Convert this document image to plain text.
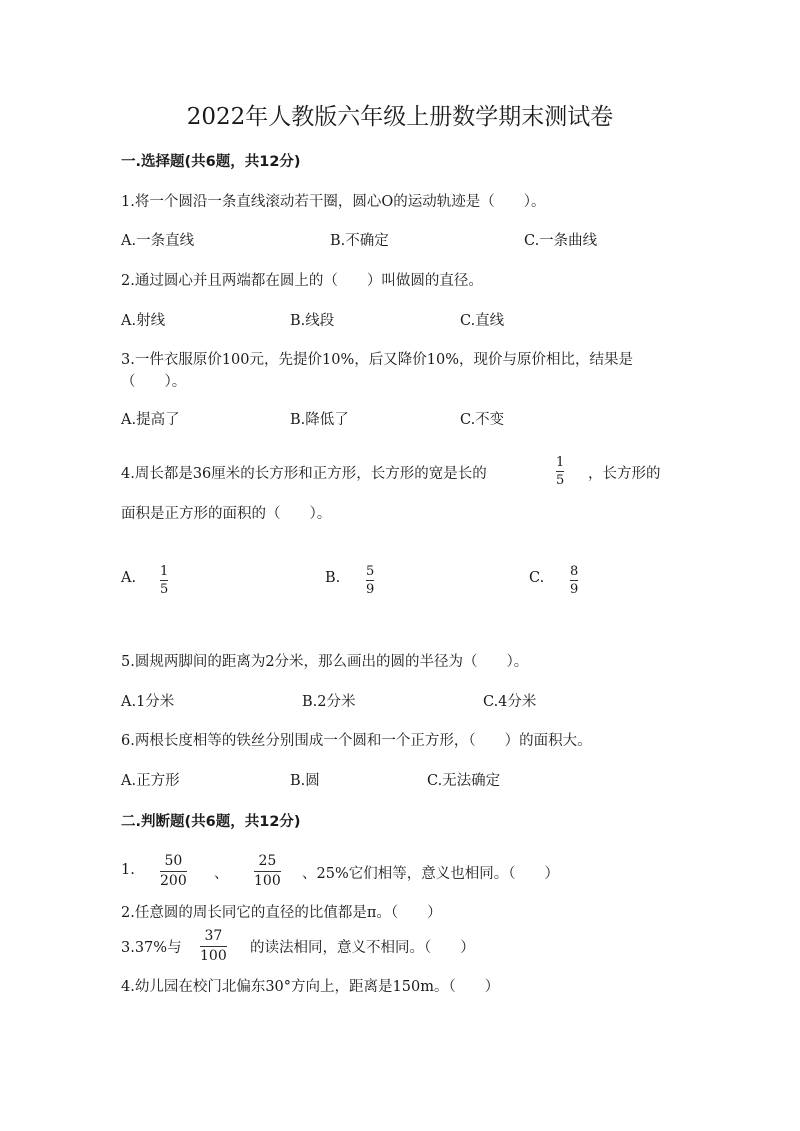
2022年人教版六年级上册数学期末测试卷
一.选择题(共6题，共12分)
1.将一个圆沿一条直线滚动若干圈，圆心O的运动轨迹是（　　）。
A.一条直线	B.不确定	C.一条曲线
2.通过圆心并且两端都在圆上的（　　）叫做圆的直径。
A.射线	B.线段	C.直线
3.一件衣服原价100元，先提价10%，后又降价10%，现价与原价相比，结果是
（　　）。
A.提高了	B.降低了	C.不变
4.周长都是36厘米的长方形和正方形，长方形的宽是长的
1
5 ，长方形的
面积是正方形的面积的（　　）。
A. 1
5
B. 5
9
C. 8
9
5.圆规两脚间的距离为2分米，那么画出的圆的半径为（　　）。
A.1分米	B.2分米	C.4分米
6.两根长度相等的铁丝分别围成一个圆和一个正方形，（　　）的面积大。
A.正方形	B.圆	C.无法确定
二.判断题(共6题，共12分)
1.
50
200 、
25
100 、25%它们相等，意义也相同。（　　）
2.任意圆的周长同它的直径的比值都是π。（　　）
3.37%与
37
100 的读法相同，意义不相同。（　　）
4.幼儿园在校门北偏东30°方向上，距离是150m。（　　）
